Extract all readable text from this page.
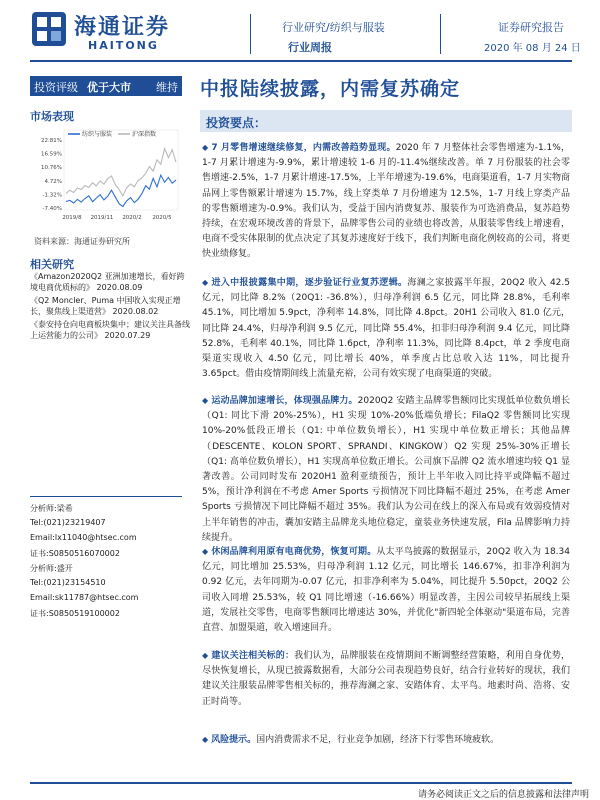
海通证券
HAITONG
行业研究/纺织与服装
行业周报
证券研究报告
2020 年 08 月 24 日
投资评级 优于大市 维持 中报陆续披露，内需复苏确定
市场表现
纺织与服装	沪深指数
22.81%
16.59%
10.76%
4.72%
-1.32%
-7.40%
2019/8 2019/11 2020/2 2020/5
资料来源：海通证券研究所
相关研究
《Amazon2020Q2 亚洲加速增长，看好跨境电商优质标的》 2020.08.09
《Q2 Moncler、Puma 中国收入实现正增长，聚焦线上渠道营》 2020.08.02
《泰安持仓向电商板块集中；建议关注具备线上运营能力的公司》 2020.07.29
分析师:梁希
Tel:(021)23219407
Email:lx11040@htsec.com
证书:S0850516070002
分析师:盛开
Tel:(021)23154510
Email:sk11787@htsec.com
证书:S0850519100002
投资要点：
◆ 7 月零售增速继续修复，内需改善趋势显现。2020 年 7 月整体社会零售增速为-1.1%，1-7 月累计增速为-9.9%，累计增速较 1-6 月的-11.4%继续改善。单 7 月份服装的社会零售增速-2.5%，1-7 月累计增速-17.5%，上半年增速为-19.6%，电商渠道看，1-7 月实物商品网上零售额累计增速为 15.7%，线上穿类单 7 月份增速为 12.5%，1-7 月线上穿类产品的零售额增速为-0.9%。我们认为，受益于国内消费复苏、服装作为可选消费品，复苏趋势持续，在宏观环境改善的背景下，品牌零售公司的业绩也将改善，从服装零售线上增速看，电商不受实体限制的优点决定了其复苏速度好于线下，我们判断电商化例较高的公司，将更快业绩修复。
◆ 进入中报披露集中期，逐步验证行业复苏逻辑。海澜之家披露半年报，20Q2 收入 42.5 亿元，同比降 8.2%（20Q1: -36.8%），归母净利润 6.5 亿元，同比降 28.8%，毛利率 45.1%，同比增加 5.9pct，净利率 14.8%，同比降 4.8pct。20H1 公司收入 81.0 亿元，同比降 24.4%，归母净利润 9.5 亿元，同比降 55.4%，扣非归母净利润 9.4 亿元，同比降 52.8%，毛利率 40.1%，同比降 1.6pct，净利率 11.3%，同比降 8.4pct，单 2 季度电商渠道实现收入 4.50 亿元，同比增长 40%，单季度占比总收入达 11%，同比提升 3.65pct。借由疫情期间线上流量充裕，公司有效实现了电商渠道的突破。
◆ 运动品牌加速增长，体现强品牌力。2020Q2 安踏主品牌零售额同比实现低单位数负增长（Q1: 同比下滑 20%-25%），H1 实现 10%-20%低端负增长；FilaQ2 零售额同比实现 10%-20%低段正增长（Q1: 中单位数负增长），H1 实现中单位数正增长；其他品牌（DESCENTE、KOLON SPORT、SPRANDI、KINGKOW）Q2 实现 25%-30%正增长（Q1: 高单位数负增长），H1 实现高单位数正增长。公司旗下品牌 Q2 流水增速均较 Q1 显著改善。公司同时发布 2020H1 盈利亚绩预告，预计上半年收入同比持平或降幅不超过 5%，预计净利润在不考虑 Amer Sports 亏损情况下同比降幅不超过 25%，在考虑 Amer Sports 亏损情况下同比降幅不超过 35%。我们认为公司在线上的深入布局或有效弱疫情对上半年销售的冲击，囊加安踏主品牌龙头地位稳定，童装业务快速发展，Fila 品牌影响力持续提升。
◆ 休闲品牌利用原有电商优势，恢复可期。从太平鸟披露的数据显示，20Q2 收入为 18.34 亿元，同比增加 25.53%，归母净利润 1.12 亿元，同比增长 146.67%，扣非净利润为 0.92 亿元，去年同期为-0.07 亿元，扣非净利率为 5.04%，同比提升 5.50pct，20Q2 公司收入同增 25.53%，较 Q1 同比增速（-16.66%）明显改善，主因公司较早拓展线上渠道，发展社交零售，电商零售额同比增速达 30%，并优化"新四轮全体驱动"渠道布局，完善直营、加盟渠道，收入增速回升。
◆ 建议关注相关标的：我们认为，品牌服装在疫情期间不断调整经营策略，利用自身优势，尽快恢复增长，从现已披露数据看，大部分公司表现趋势良好，结合行业转好的现状，我们建议关注服装品牌零售相关标的，推荐海澜之家、安踏体育、太平鸟。地素时尚、浩将、安正时尚等。
◆ 风险提示。国内消费需求不足，行业竞争加剧，经济下行零售环境疲软。
请务必阅读正文之后的信息披露和法律声明
